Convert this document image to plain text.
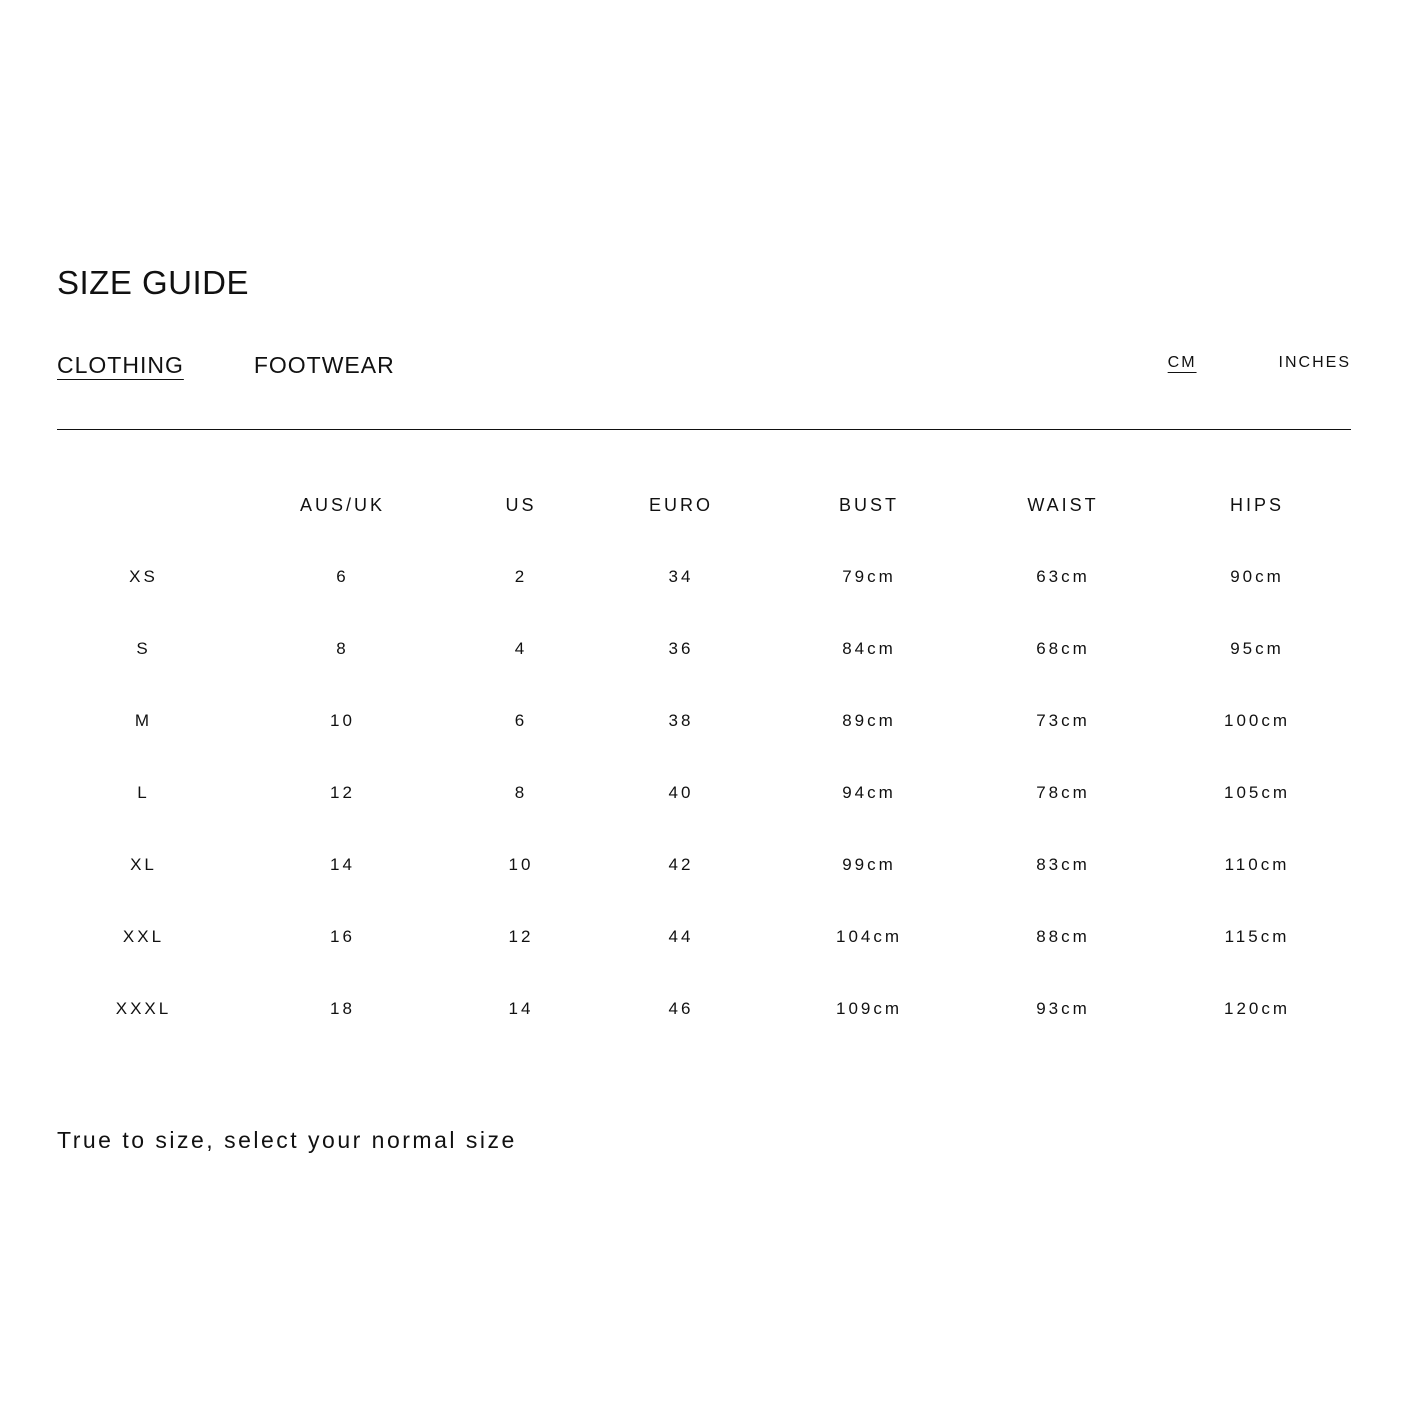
SIZE GUIDE
CLOTHING	FOOTWEAR	CM	INCHES
	AUS/UK	US	EURO	BUST	WAIST	HIPS
XS	6	2	34	79cm	63cm	90cm
S	8	4	36	84cm	68cm	95cm
M	10	6	38	89cm	73cm	100cm
L	12	8	40	94cm	78cm	105cm
XL	14	10	42	99cm	83cm	110cm
XXL	16	12	44	104cm	88cm	115cm
XXXL	18	14	46	109cm	93cm	120cm

True to size, select your normal size
